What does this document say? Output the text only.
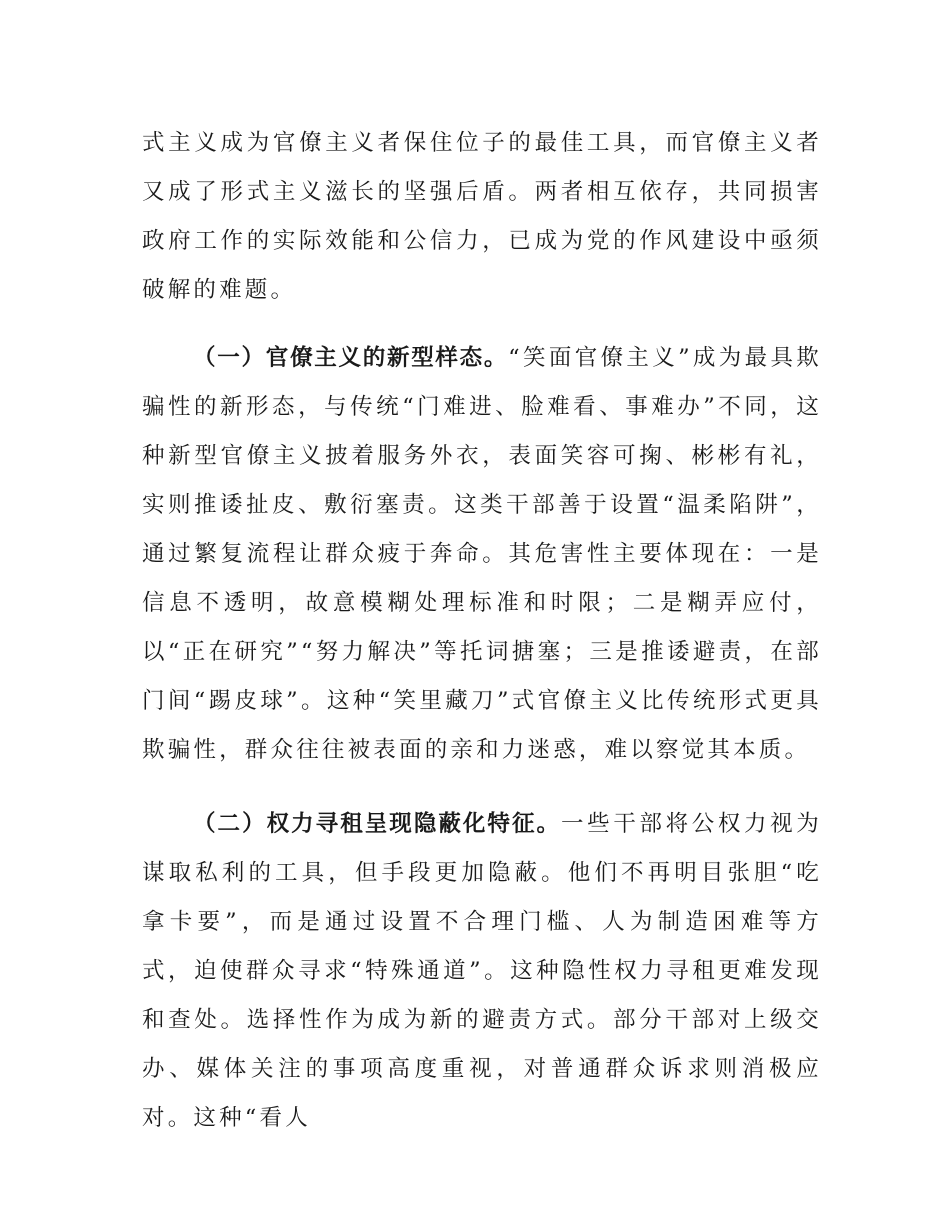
式主义成为官僚主义者保住位子的最佳工具，而官僚主义者又成了形式主义滋长的坚强后盾。两者相互依存，共同损害政府工作的实际效能和公信力，已成为党的作风建设中亟须破解的难题。

（一）官僚主义的新型样态。“笑面官僚主义”成为最具欺骗性的新形态，与传统“门难进、脸难看、事难办”不同，这种新型官僚主义披着服务外衣，表面笑容可掬、彬彬有礼，实则推诿扯皮、敷衍塞责。这类干部善于设置“温柔陷阱”，通过繁复流程让群众疲于奔命。其危害性主要体现在：一是信息不透明，故意模糊处理标准和时限；二是糊弄应付，以“正在研究”“努力解决”等托词搪塞；三是推诿避责，在部门间“踢皮球”。这种“笑里藏刀”式官僚主义比传统形式更具欺骗性，群众往往被表面的亲和力迷惑，难以察觉其本质。

（二）权力寻租呈现隐蔽化特征。一些干部将公权力视为谋取私利的工具，但手段更加隐蔽。他们不再明目张胆“吃拿卡要”，而是通过设置不合理门槛、人为制造困难等方式，迫使群众寻求“特殊通道”。这种隐性权力寻租更难发现和查处。选择性作为成为新的避责方式。部分干部对上级交办、媒体关注的事项高度重视，对普通群众诉求则消极应对。这种“看人
